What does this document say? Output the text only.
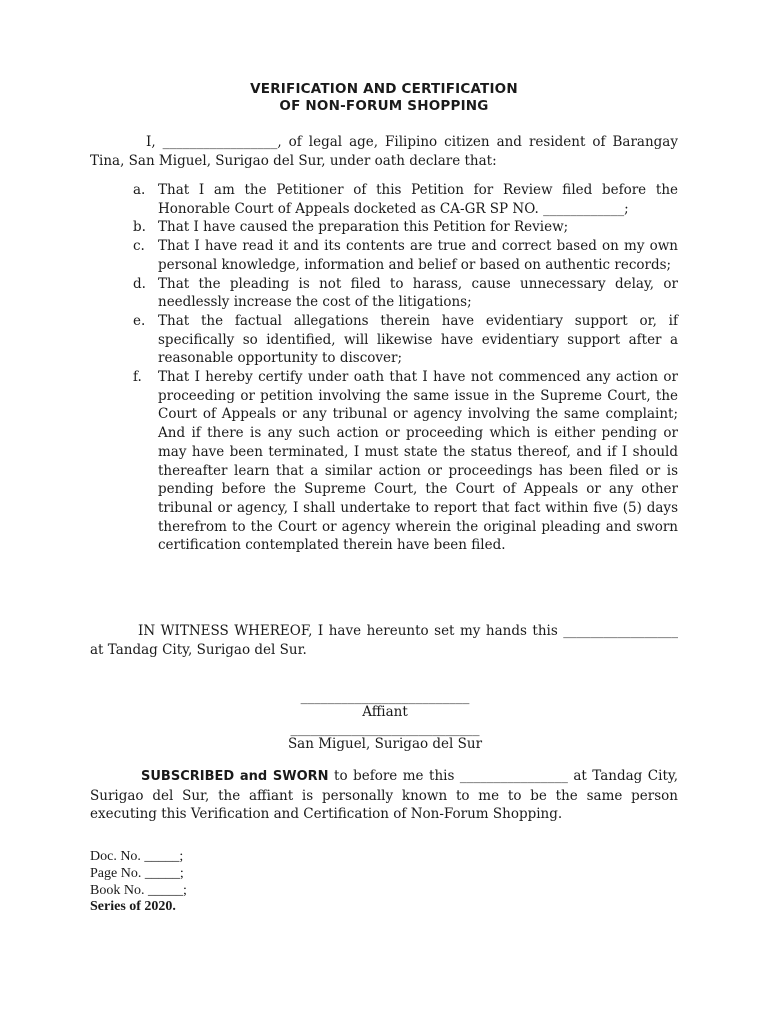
VERIFICATION AND CERTIFICATION
OF NON-FORUM SHOPPING
I, _________________, of legal age, Filipino citizen and resident of Barangay Tina, San Miguel, Surigao del Sur, under oath declare that:
a. That I am the Petitioner of this Petition for Review filed before the Honorable Court of Appeals docketed as CA-GR SP NO. ____________;
b. That I have caused the preparation this Petition for Review;
c. That I have read it and its contents are true and correct based on my own personal knowledge, information and belief or based on authentic records;
d. That the pleading is not filed to harass, cause unnecessary delay, or needlessly increase the cost of the litigations;
e. That the factual allegations therein have evidentiary support or, if specifically so identified, will likewise have evidentiary support after a reasonable opportunity to discover;
f. That I hereby certify under oath that I have not commenced any action or proceeding or petition involving the same issue in the Supreme Court, the Court of Appeals or any tribunal or agency involving the same complaint; And if there is any such action or proceeding which is either pending or may have been terminated, I must state the status thereof, and if I should thereafter learn that a similar action or proceedings has been filed or is pending before the Supreme Court, the Court of Appeals or any other tribunal or agency, I shall undertake to report that fact within five (5) days therefrom to the Court or agency wherein the original pleading and sworn certification contemplated therein have been filed.
IN WITNESS WHEREOF, I have hereunto set my hands this _________________ at Tandag City, Surigao del Sur.
_________________________
Affiant
____________________________
San Miguel, Surigao del Sur
SUBSCRIBED and SWORN to before me this ________________ at Tandag City, Surigao del Sur, the affiant is personally known to me to be the same person executing this Verification and Certification of Non-Forum Shopping.
Doc. No. _____;
Page No. _____;
Book No. _____;
Series of 2020.
